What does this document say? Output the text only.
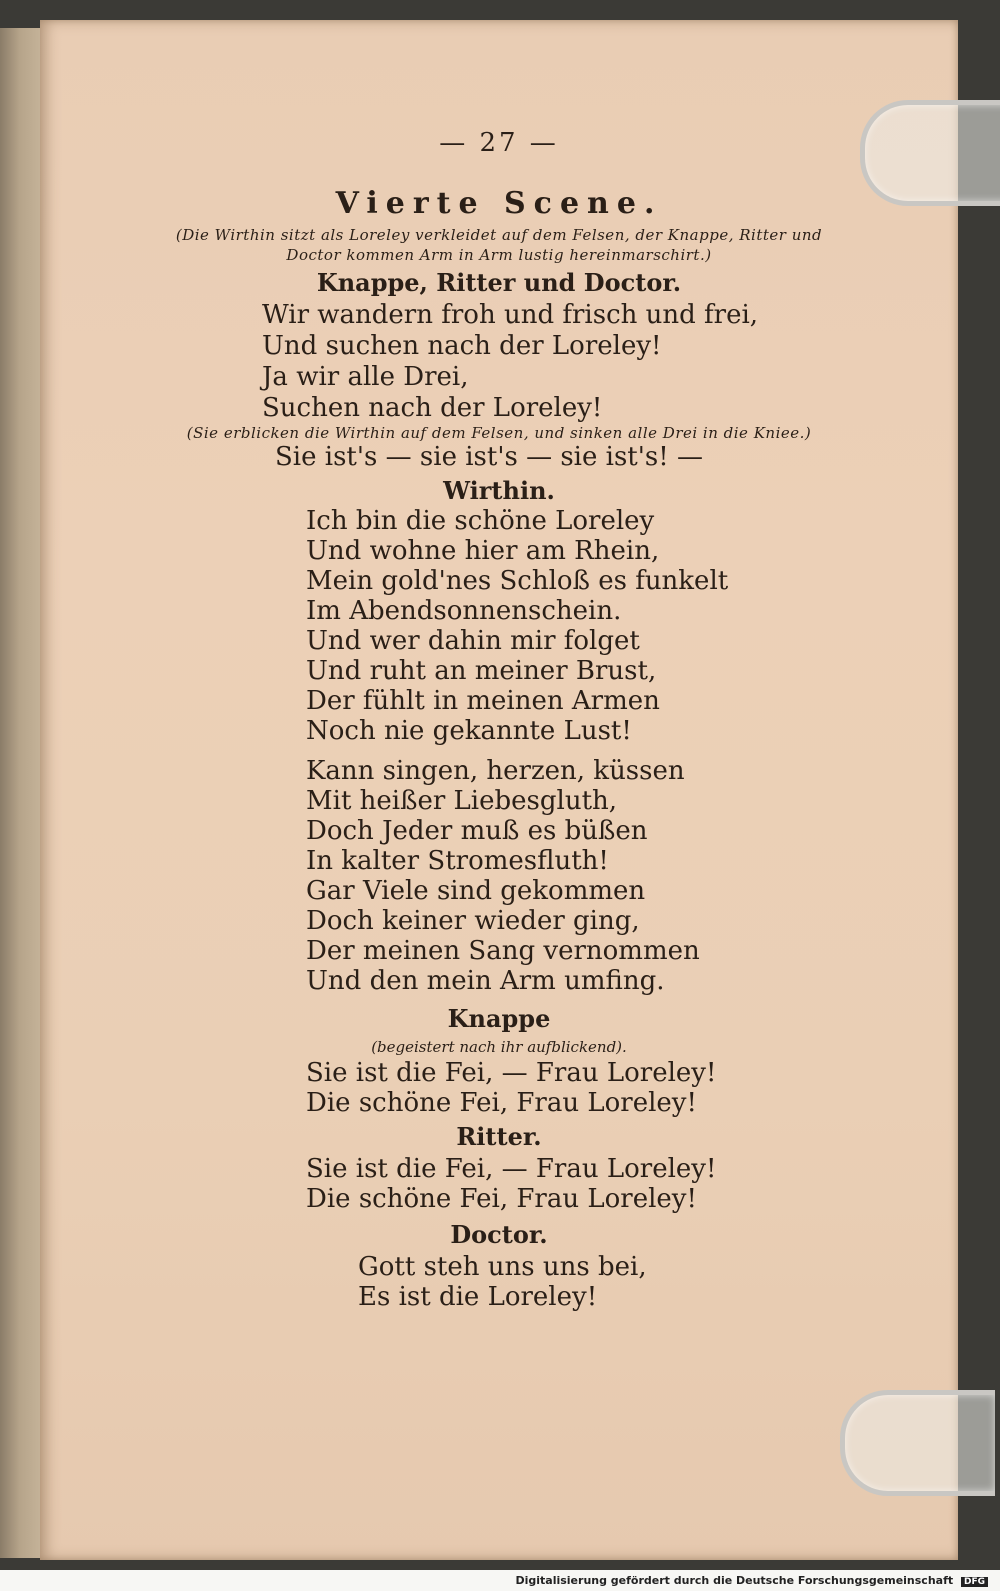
— 27 —
Vierte Scene.
(Die Wirthin sitzt als Loreley verkleidet auf dem Felsen, der Knappe, Ritter und
Doctor kommen Arm in Arm lustig hereinmarschirt.)
Knappe, Ritter und Doctor.
Wir wandern froh und frisch und frei,
Und suchen nach der Loreley!
Ja wir alle Drei,
Suchen nach der Loreley!
(Sie erblicken die Wirthin auf dem Felsen, und sinken alle Drei in die Kniee.)
Sie ist's — sie ist's — sie ist's! —
Wirthin.
Ich bin die schöne Loreley
Und wohne hier am Rhein,
Mein gold'nes Schloß es funkelt
Im Abendsonnenschein.
Und wer dahin mir folget
Und ruht an meiner Brust,
Der fühlt in meinen Armen
Noch nie gekannte Lust!
Kann singen, herzen, küssen
Mit heißer Liebesgluth,
Doch Jeder muß es büßen
In kalter Stromesfluth!
Gar Viele sind gekommen
Doch keiner wieder ging,
Der meinen Sang vernommen
Und den mein Arm umfing.
Knappe
(begeistert nach ihr aufblickend).
Sie ist die Fei, — Frau Loreley!
Die schöne Fei, Frau Loreley!
Ritter.
Sie ist die Fei, — Frau Loreley!
Die schöne Fei, Frau Loreley!
Doctor.
Gott steh uns uns bei,
Es ist die Loreley!
Digitalisierung gefördert durch die Deutsche Forschungsgemeinschaft DFG
